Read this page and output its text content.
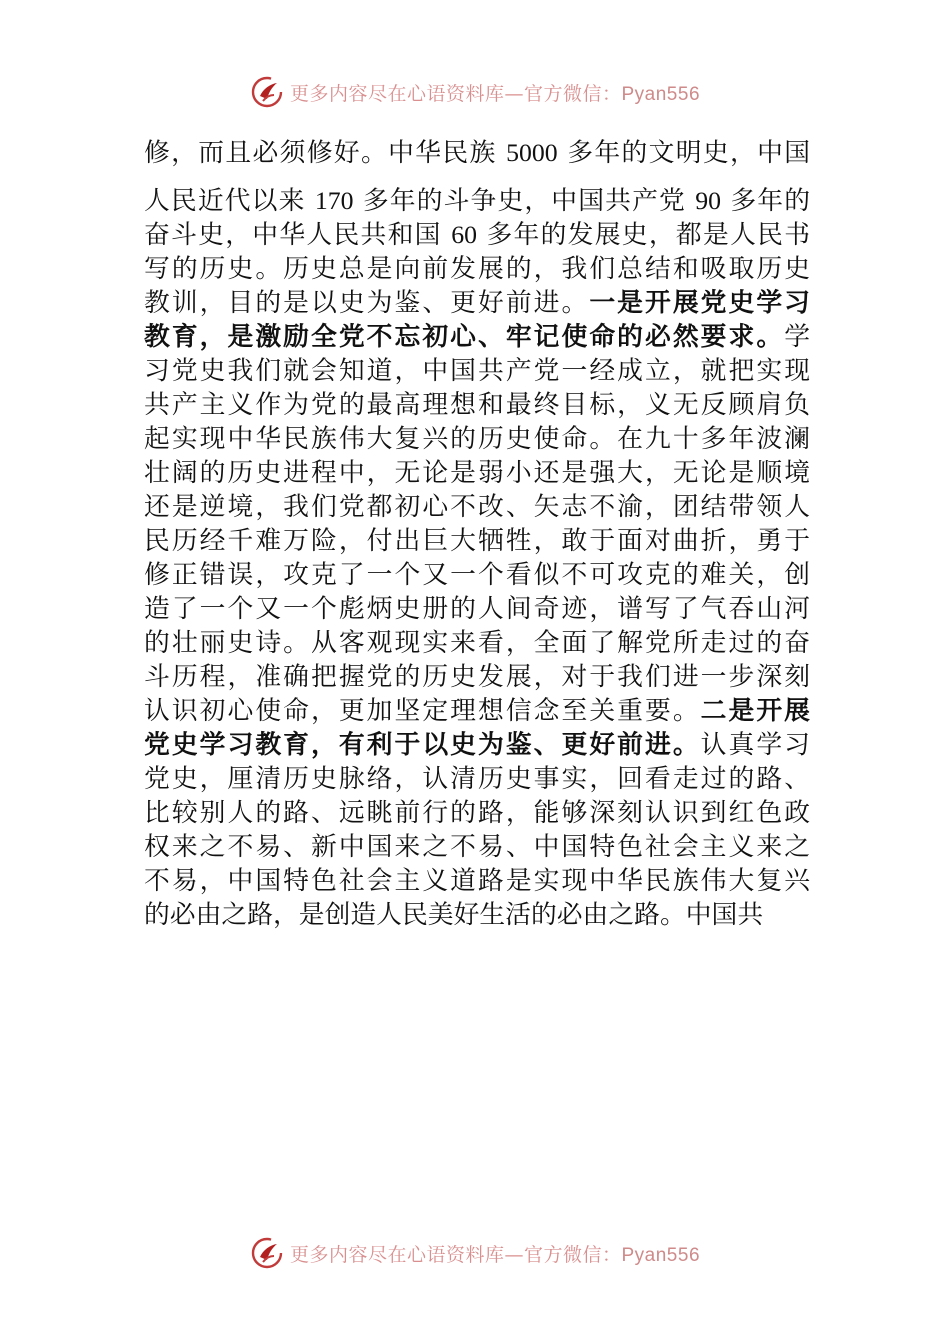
更多内容尽在心语资料库—官方微信：Pyan556
修，而且必须修好。中华民族 5000 多年的文明史，中国
人民近代以来 170 多年的斗争史，中国共产党 90 多年的
奋斗史，中华人民共和国 60 多年的发展史，都是人民书
写的历史。历史总是向前发展的，我们总结和吸取历史
教训，目的是以史为鉴、更好前进。一是开展党史学习
教育，是激励全党不忘初心、牢记使命的必然要求。学
习党史我们就会知道，中国共产党一经成立，就把实现
共产主义作为党的最高理想和最终目标，义无反顾肩负
起实现中华民族伟大复兴的历史使命。在九十多年波澜
壮阔的历史进程中，无论是弱小还是强大，无论是顺境
还是逆境，我们党都初心不改、矢志不渝，团结带领人
民历经千难万险，付出巨大牺牲，敢于面对曲折，勇于
修正错误，攻克了一个又一个看似不可攻克的难关，创
造了一个又一个彪炳史册的人间奇迹，谱写了气吞山河
的壮丽史诗。从客观现实来看，全面了解党所走过的奋
斗历程，准确把握党的历史发展，对于我们进一步深刻
认识初心使命，更加坚定理想信念至关重要。二是开展
党史学习教育，有利于以史为鉴、更好前进。认真学习
党史，厘清历史脉络，认清历史事实，回看走过的路、
比较别人的路、远眺前行的路，能够深刻认识到红色政
权来之不易、新中国来之不易、中国特色社会主义来之
不易，中国特色社会主义道路是实现中华民族伟大复兴
的必由之路，是创造人民美好生活的必由之路。中国共
更多内容尽在心语资料库—官方微信：Pyan556
